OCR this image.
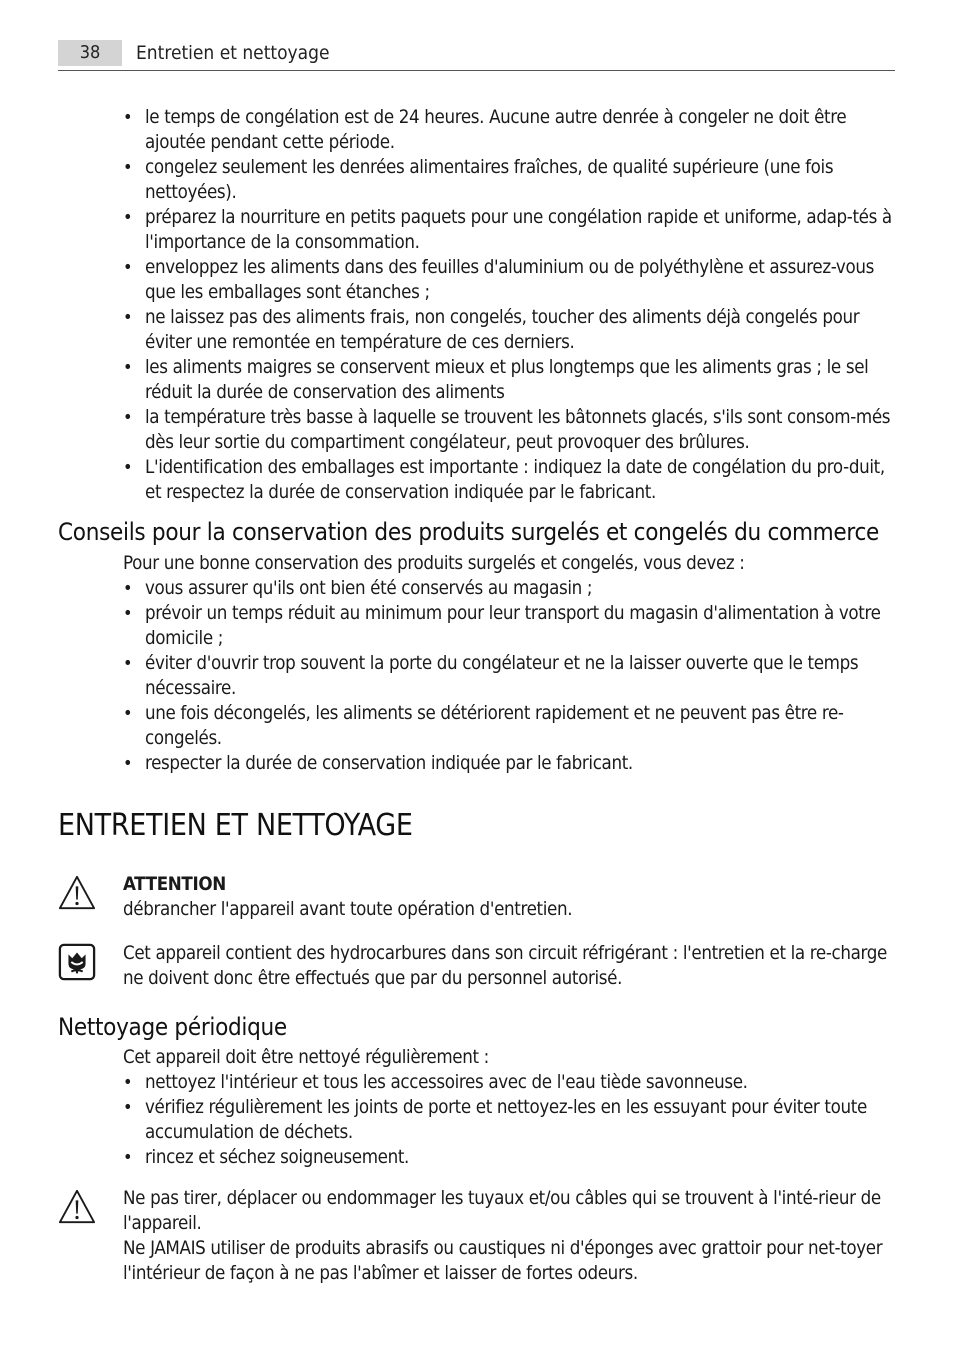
38	Entretien et nettoyage
• le temps de congélation est de 24 heures. Aucune autre denrée à congeler ne doit être ajoutée pendant cette période.
• congelez seulement les denrées alimentaires fraîches, de qualité supérieure (une fois nettoyées).
• préparez la nourriture en petits paquets pour une congélation rapide et uniforme, adap-tés à l'importance de la consommation.
• enveloppez les aliments dans des feuilles d'aluminium ou de polyéthylène et assurez-vous que les emballages sont étanches ;
• ne laissez pas des aliments frais, non congelés, toucher des aliments déjà congelés pour éviter une remontée en température de ces derniers.
• les aliments maigres se conservent mieux et plus longtemps que les aliments gras ; le sel réduit la durée de conservation des aliments
• la température très basse à laquelle se trouvent les bâtonnets glacés, s'ils sont consom-més dès leur sortie du compartiment congélateur, peut provoquer des brûlures.
• L'identification des emballages est importante : indiquez la date de congélation du pro-duit, et respectez la durée de conservation indiquée par le fabricant.
Conseils pour la conservation des produits surgelés et congelés du commerce
Pour une bonne conservation des produits surgelés et congelés, vous devez :
• vous assurer qu'ils ont bien été conservés au magasin ;
• prévoir un temps réduit au minimum pour leur transport du magasin d'alimentation à votre domicile ;
• éviter d'ouvrir trop souvent la porte du congélateur et ne la laisser ouverte que le temps nécessaire.
• une fois décongelés, les aliments se détériorent rapidement et ne peuvent pas être re-congelés.
• respecter la durée de conservation indiquée par le fabricant.
ENTRETIEN ET NETTOYAGE
ATTENTION
débrancher l'appareil avant toute opération d'entretien.
Cet appareil contient des hydrocarbures dans son circuit réfrigérant : l'entretien et la re-charge ne doivent donc être effectués que par du personnel autorisé.
Nettoyage périodique
Cet appareil doit être nettoyé régulièrement :
• nettoyez l'intérieur et tous les accessoires avec de l'eau tiède savonneuse.
• vérifiez régulièrement les joints de porte et nettoyez-les en les essuyant pour éviter toute accumulation de déchets.
• rincez et séchez soigneusement.
Ne pas tirer, déplacer ou endommager les tuyaux et/ou câbles qui se trouvent à l'inté-rieur de l'appareil.
Ne JAMAIS utiliser de produits abrasifs ou caustiques ni d'éponges avec grattoir pour net-toyer l'intérieur de façon à ne pas l'abîmer et laisser de fortes odeurs.
